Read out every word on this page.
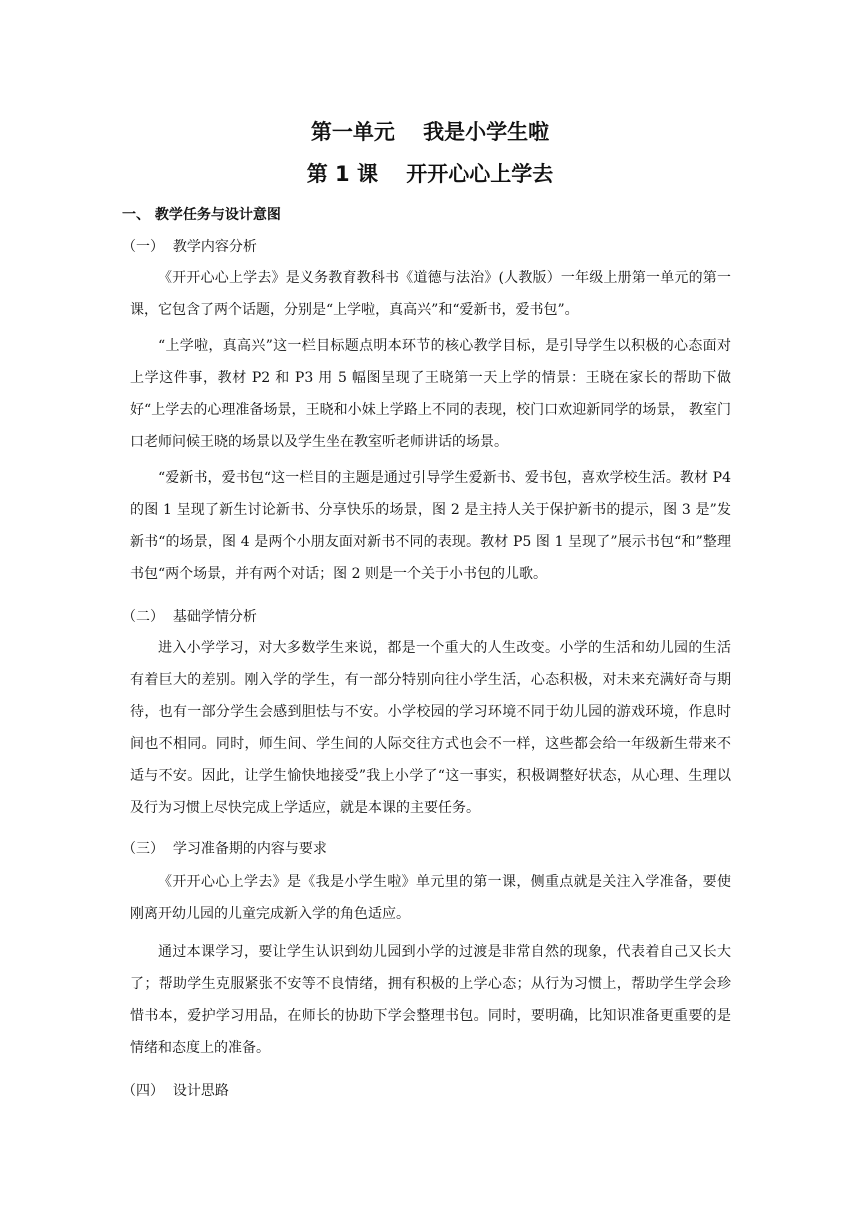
第一单元　 我是小学生啦
第 1 课　 开开心心上学去
一、 教学任务与设计意图
（一）  教学内容分析
《开开心心上学去》是义务教育教科书《道德与法治》(人教版）一年级上册第一单元的第一课，它包含了两个话题，分别是“上学啦，真高兴”和“爱新书，爱书包”。
“上学啦，真高兴”这一栏目标题点明本环节的核心教学目标，是引导学生以积极的心态面对上学这件事，教材 P2 和 P3 用 5 幅图呈现了王晓第一天上学的情景：王晓在家长的帮助下做好“上学去的心理准备场景，王晓和小妹上学路上不同的表现，校门口欢迎新同学的场景， 教室门口老师问候王晓的场景以及学生坐在教室听老师讲话的场景。
“爱新书，爱书包“这一栏目的主题是通过引导学生爱新书、爱书包，喜欢学校生活。教材 P4 的图 1 呈现了新生讨论新书、分享快乐的场景，图 2 是主持人关于保护新书的提示，图 3 是”发新书“的场景，图 4 是两个小朋友面对新书不同的表现。教材 P5 图 1 呈现了”展示书包“和”整理书包“两个场景，并有两个对话；图 2 则是一个关于小书包的儿歌。
（二）  基础学情分析
进入小学学习，对大多数学生来说，都是一个重大的人生改变。小学的生活和幼儿园的生活有着巨大的差别。刚入学的学生，有一部分特别向往小学生活，心态积极，对未来充满好奇与期待，也有一部分学生会感到胆怯与不安。小学校园的学习环境不同于幼儿园的游戏环境，作息时间也不相同。同时，师生间、学生间的人际交往方式也会不一样，这些都会给一年级新生带来不适与不安。因此，让学生愉快地接受”我上小学了“这一事实，积极调整好状态，从心理、生理以及行为习惯上尽快完成上学适应，就是本课的主要任务。
（三）  学习准备期的内容与要求
《开开心心上学去》是《我是小学生啦》单元里的第一课，侧重点就是关注入学准备，要使刚离开幼儿园的儿童完成新入学的角色适应。
通过本课学习，要让学生认识到幼儿园到小学的过渡是非常自然的现象，代表着自己又长大了；帮助学生克服紧张不安等不良情绪，拥有积极的上学心态；从行为习惯上，帮助学生学会珍惜书本，爱护学习用品，在师长的协助下学会整理书包。同时，要明确，比知识准备更重要的是情绪和态度上的准备。
（四）  设计思路
